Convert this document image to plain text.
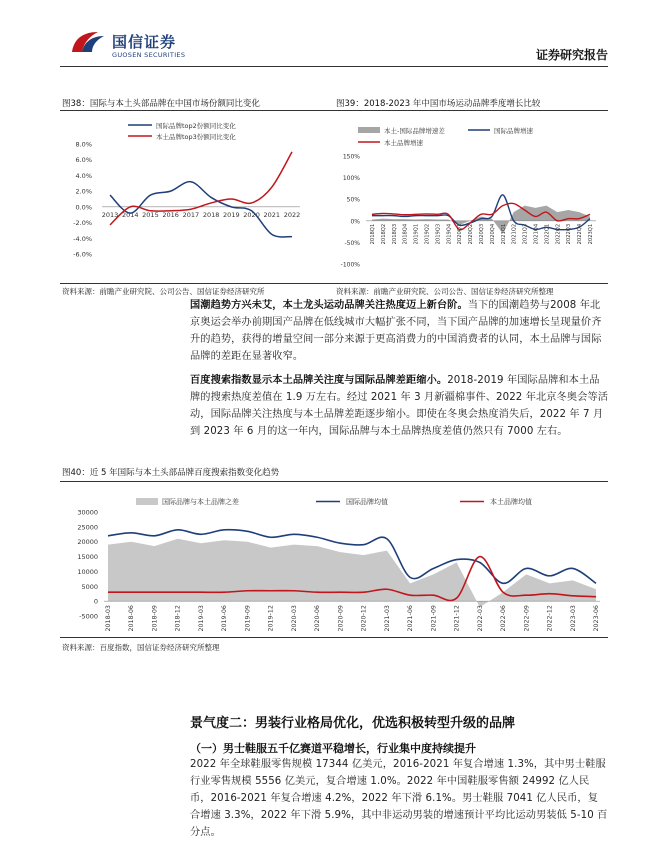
国信证券
GUOSEN SECURITIES	证券研究报告
图38：国际与本土头部品牌在中国市场份额同比变化
国际品牌top2份额同比变化
本土品牌top3份额同比变化
8.0%
6.0%
4.0%
2.0%
0.0%
-2.0%
-4.0%
-6.0%
2013 2014 2015 2016 2017 2018 2019 2020 2021 2022
资料来源：前瞻产业研究院、公司公告、国信证券经济研究所
图39：2018-2023 年中国市场运动品牌季度增长比较
本土-国际品牌增速差	国际品牌增速
本土品牌增速
150%
100%
50%
0%
-50%
-100%
2018Q1 2018Q2 2018Q3 2018Q4 2019Q1 2019Q2 2019Q3 2019Q4 2020Q1 2020Q2 2020Q3 2020Q4 2021Q1 2021Q2 2021Q3 2021Q4 2022Q1 2022Q2 2022Q3 2022Q4 2023Q1
资料来源：前瞻产业研究院、公司公告、国信证券经济研究所整理
国潮趋势方兴未艾，本土龙头运动品牌关注热度迈上新台阶。当下的国潮趋势与2008 年北京奥运会举办前期国产品牌在低线城市大幅扩张不同，当下国产品牌的加速增长呈现量价齐升的趋势，获得的增量空间一部分来源于更高消费力的中国消费者的认同，本土品牌与国际品牌的差距在显著收窄。
百度搜索指数显示本土品牌关注度与国际品牌差距缩小。2018-2019 年国际品牌和本土品牌的搜索热度差值在 1.9 万左右。经过 2021 年 3 月新疆棉事件、2022 年北京冬奥会等活动，国际品牌关注热度与本土品牌差距逐步缩小。即使在冬奥会热度消失后，2022 年 7 月到 2023 年 6 月的这一年内，国际品牌与本土品牌热度差值仍然只有 7000 左右。
图40：近 5 年国际与本土头部品牌百度搜索指数变化趋势
国际品牌与本土品牌之差	国际品牌均值	本土品牌均值
30000
25000
20000
15000
10000
5000
0
-5000 2018-03	2018-06	2018-09	2018-12	2019-03	2019-06	2019-09	2019-12	2020-03	2020-06	2020-09	2020-12	2021-03	2021-06	2021-09	2021-12	2022-03	2022-06	2022-09	2022-12	2023-03	2023-06
资料来源：百度指数，国信证券经济研究所整理
景气度二：男装行业格局优化，优选积极转型升级的品牌
（一）男士鞋服五千亿赛道平稳增长，行业集中度持续提升
2022 年全球鞋服零售规模 17344 亿美元，2016-2021 年复合增速 1.3%，其中男士鞋服行业零售规模 5556 亿美元，复合增速 1.0%。2022 年中国鞋服零售额 24992 亿人民币，2016-2021 年复合增速 4.2%，2022 年下滑 6.1%。男士鞋服 7041 亿人民币，复合增速 3.3%，2022 年下滑 5.9%，其中非运动男装的增速预计平均比运动男装低 5-10 百分点。
